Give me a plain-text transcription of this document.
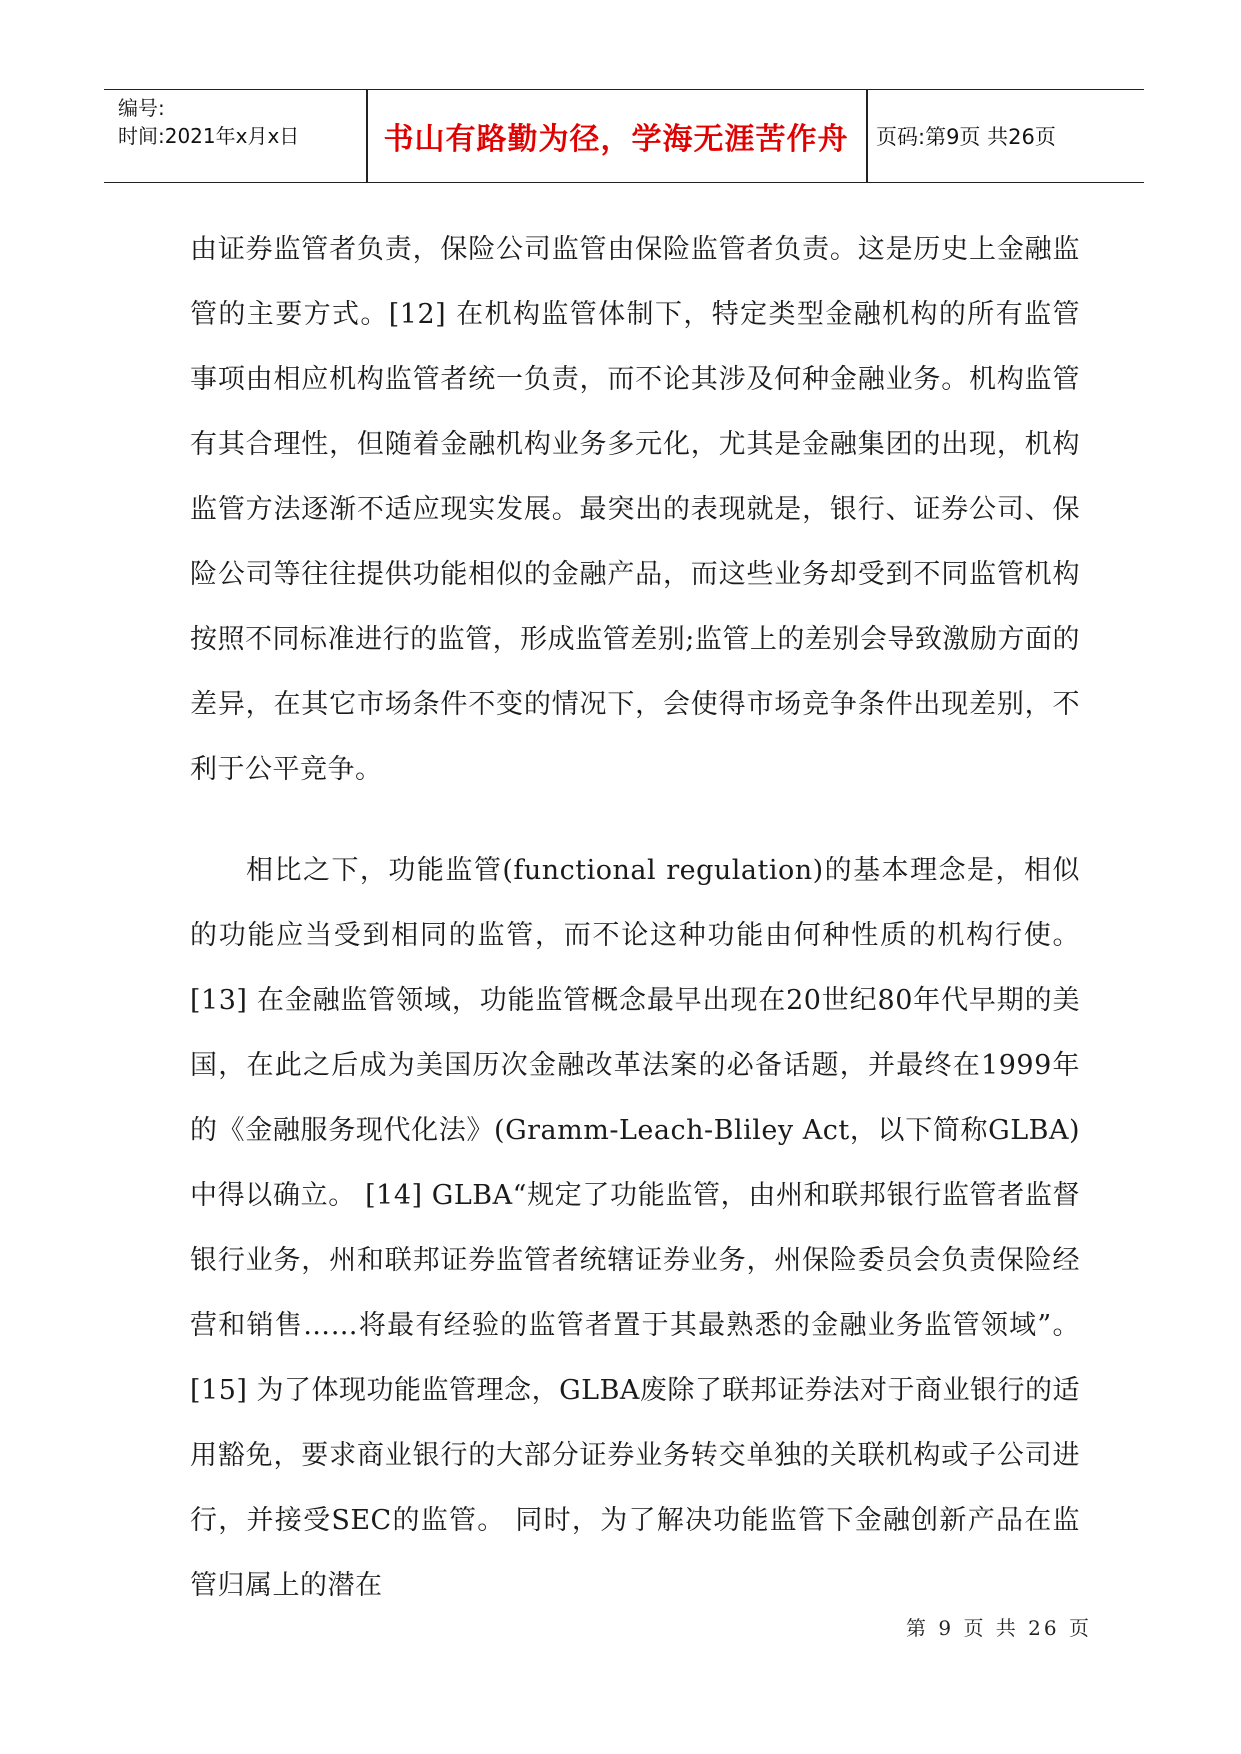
编号:
时间:2021年x月x日	书山有路勤为径，学海无涯苦作舟	页码:第9页 共26页

由证券监管者负责，保险公司监管由保险监管者负责。这是历史上金融监管的主要方式。[12] 在机构监管体制下，特定类型金融机构的所有监管事项由相应机构监管者统一负责，而不论其涉及何种金融业务。机构监管有其合理性，但随着金融机构业务多元化，尤其是金融集团的出现，机构监管方法逐渐不适应现实发展。最突出的表现就是，银行、证券公司、保险公司等往往提供功能相似的金融产品，而这些业务却受到不同监管机构按照不同标准进行的监管，形成监管差别;监管上的差别会导致激励方面的差异，在其它市场条件不变的情况下，会使得市场竞争条件出现差别，不利于公平竞争。

相比之下，功能监管(functional regulation)的基本理念是，相似的功能应当受到相同的监管，而不论这种功能由何种性质的机构行使。 [13] 在金融监管领域，功能监管概念最早出现在20世纪80年代早期的美国，在此之后成为美国历次金融改革法案的必备话题，并最终在1999年的《金融服务现代化法》(Gramm-Leach-Bliley Act，以下简称GLBA)中得以确立。 [14] GLBA“规定了功能监管，由州和联邦银行监管者监督银行业务，州和联邦证券监管者统辖证券业务，州保险委员会负责保险经营和销售……将最有经验的监管者置于其最熟悉的金融业务监管领域”。 [15] 为了体现功能监管理念，GLBA废除了联邦证券法对于商业银行的适用豁免，要求商业银行的大部分证券业务转交单独的关联机构或子公司进行，并接受SEC的监管。 同时，为了解决功能监管下金融创新产品在监管归属上的潜在

第 9 页 共 26 页
